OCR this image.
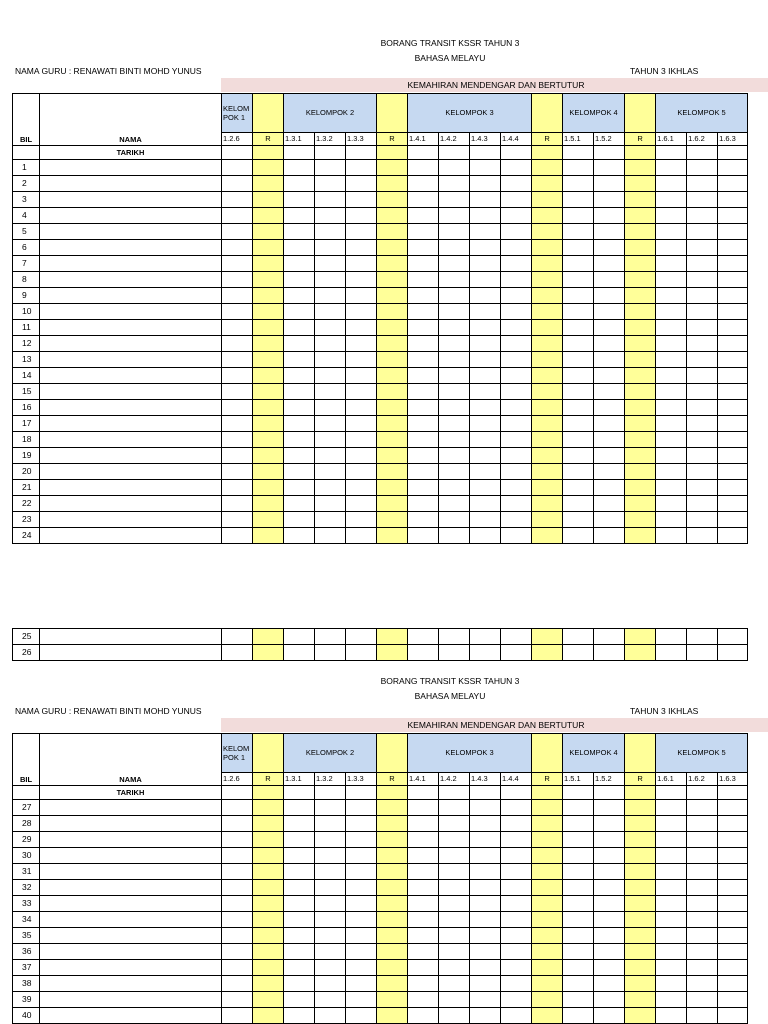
BORANG TRANSIT KSSR TAHUN 3
BAHASA MELAYU
NAMA GURU : RENAWATI BINTI MOHD YUNUS	TAHUN 3 IKHLAS
KEMAHIRAN MENDENGAR DAN BERTUTUR
BIL	NAMA	KELOM
POK 1		KELOMPOK 2				KELOMPOK 3					KELOMPOK 4			KELOMPOK 5		
		1.2.6	R	1.3.1	1.3.2	1.3.3	R	1.4.1	1.4.2	1.4.3	1.4.4	R	1.5.1	1.5.2	R	1.6.1	1.6.2	1.6.3
	TARIKH																	
1																		
2																		
3																		
4																		
5																		
6																		
7																		
8																		
9																		
10																		
11																		
12																		
13																		
14																		
15																		
16																		
17																		
18																		
19																		
20																		
21																		
22																		
23																		
24																		
25																		
26																		
BORANG TRANSIT KSSR TAHUN 3
BAHASA MELAYU
NAMA GURU : RENAWATI BINTI MOHD YUNUS	TAHUN 3 IKHLAS
KEMAHIRAN MENDENGAR DAN BERTUTUR
BIL	NAMA	KELOM
POK 1		KELOMPOK 2				KELOMPOK 3					KELOMPOK 4			KELOMPOK 5		
		1.2.6	R	1.3.1	1.3.2	1.3.3	R	1.4.1	1.4.2	1.4.3	1.4.4	R	1.5.1	1.5.2	R	1.6.1	1.6.2	1.6.3
	TARIKH																	
27																		
28																		
29																		
30																		
31																		
32																		
33																		
34																		
35																		
36																		
37																		
38																		
39																		
40																		
